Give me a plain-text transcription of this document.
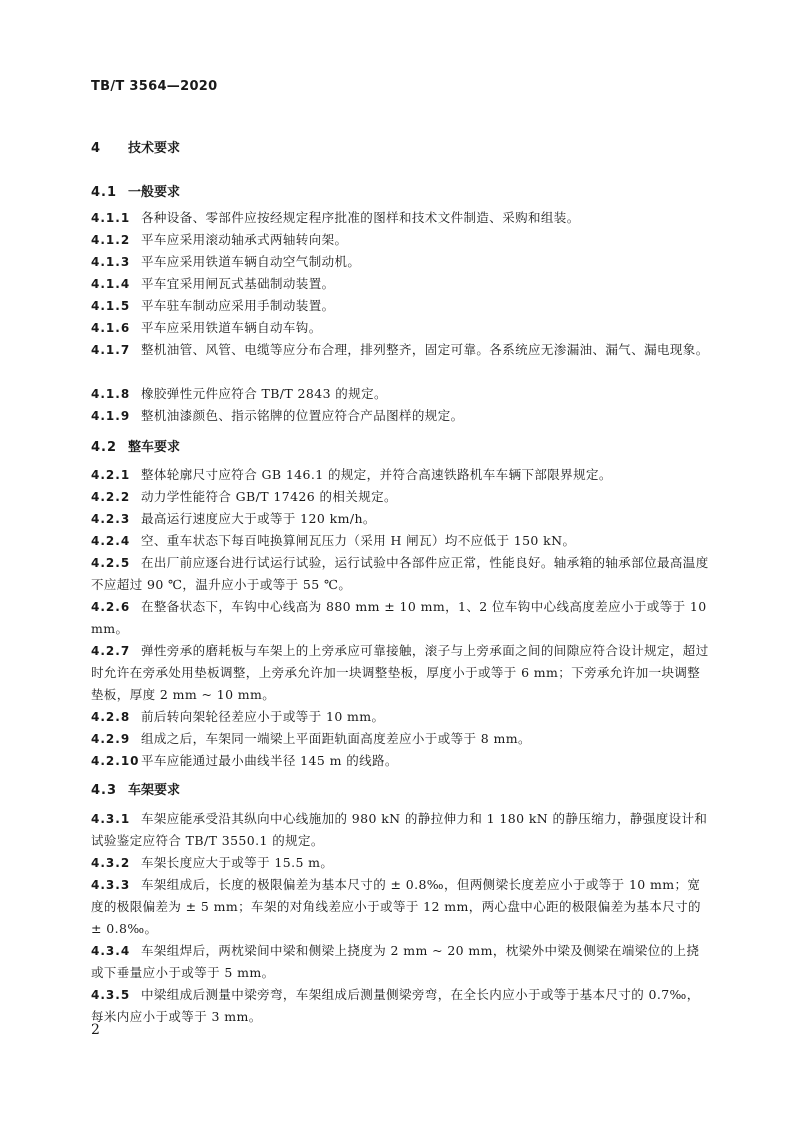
TB/T 3564—2020
4 技术要求
4.1 一般要求
4.1.1 各种设备、零部件应按经规定程序批准的图样和技术文件制造、采购和组装。
4.1.2 平车应采用滚动轴承式两轴转向架。
4.1.3 平车应采用铁道车辆自动空气制动机。
4.1.4 平车宜采用闸瓦式基础制动装置。
4.1.5 平车驻车制动应采用手制动装置。
4.1.6 平车应采用铁道车辆自动车钩。
4.1.7 整机油管、风管、电缆等应分布合理，排列整齐，固定可靠。各系统应无渗漏油、漏气、漏电现象。
4.1.8 橡胶弹性元件应符合 TB/T 2843 的规定。
4.1.9 整机油漆颜色、指示铭牌的位置应符合产品图样的规定。
4.2 整车要求
4.2.1 整体轮廓尺寸应符合 GB 146.1 的规定，并符合高速铁路机车车辆下部限界规定。
4.2.2 动力学性能符合 GB/T 17426 的相关规定。
4.2.3 最高运行速度应大于或等于 120 km/h。
4.2.4 空、重车状态下每百吨换算闸瓦压力（采用 H 闸瓦）均不应低于 150 kN。
4.2.5 在出厂前应逐台进行试运行试验，运行试验中各部件应正常，性能良好。轴承箱的轴承部位最高温度不应超过 90 ℃，温升应小于或等于 55 ℃。
4.2.6 在整备状态下，车钩中心线高为 880 mm ± 10 mm，1、2 位车钩中心线高度差应小于或等于 10 mm。
4.2.7 弹性旁承的磨耗板与车架上的上旁承应可靠接触，滚子与上旁承面之间的间隙应符合设计规定，超过时允许在旁承处用垫板调整，上旁承允许加一块调整垫板，厚度小于或等于 6 mm；下旁承允许加一块调整垫板，厚度 2 mm ~ 10 mm。
4.2.8 前后转向架轮径差应小于或等于 10 mm。
4.2.9 组成之后，车架同一端梁上平面距轨面高度差应小于或等于 8 mm。
4.2.10平车应能通过最小曲线半径 145 m 的线路。
4.3 车架要求
4.3.1 车架应能承受沿其纵向中心线施加的 980 kN 的静拉伸力和 1 180 kN 的静压缩力，静强度设计和试验鉴定应符合 TB/T 3550.1 的规定。
4.3.2 车架长度应大于或等于 15.5 m。
4.3.3 车架组成后，长度的极限偏差为基本尺寸的 ± 0.8‰，但两侧梁长度差应小于或等于 10 mm；宽度的极限偏差为 ± 5 mm；车架的对角线差应小于或等于 12 mm，两心盘中心距的极限偏差为基本尺寸的 ± 0.8‰。
4.3.4 车架组焊后，两枕梁间中梁和侧梁上挠度为 2 mm ~ 20 mm，枕梁外中梁及侧梁在端梁位的上挠或下垂量应小于或等于 5 mm。
4.3.5 中梁组成后测量中梁旁弯，车架组成后测量侧梁旁弯，在全长内应小于或等于基本尺寸的 0.7‰，每米内应小于或等于 3 mm。
2
